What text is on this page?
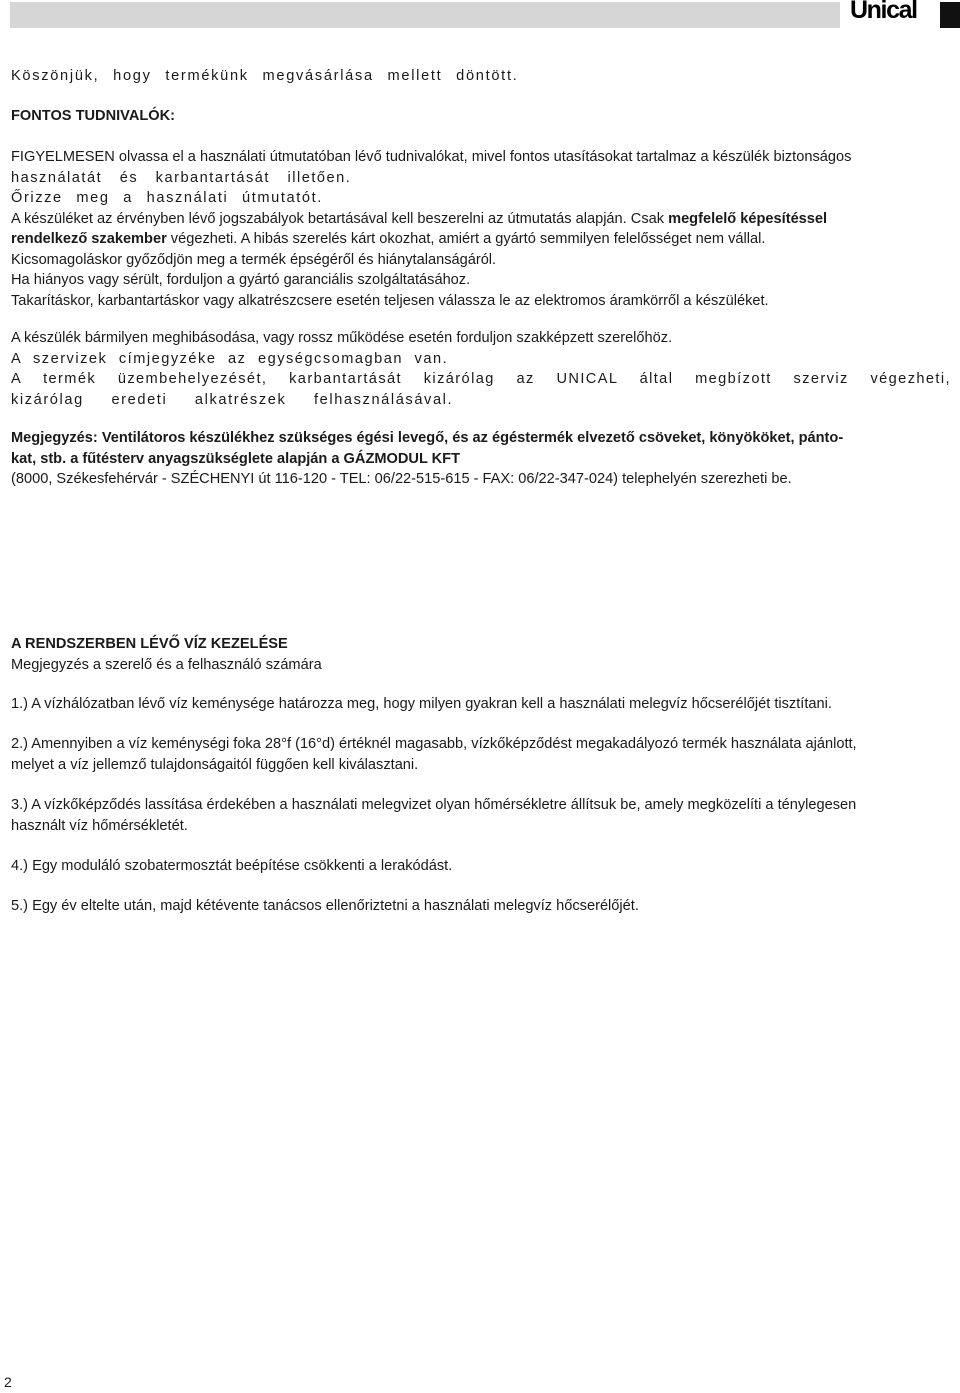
Unical

Köszönjük, hogy termékünk megvásárlása mellett döntött.

FONTOS TUDNIVALÓK:

FIGYELMESEN olvassa el a használati útmutatóban lévő tudnivalókat, mivel fontos utasításokat tartalmaz a készülék biztonságos

használatát és karbantartását illetően.

Őrizze meg a használati útmutatót.

A készüléket az érvényben lévő jogszabályok betartásával kell beszerelni az útmutatás alapján. Csak megfelelő képesítéssel

rendelkező szakember végezheti. A hibás szerelés kárt okozhat, amiért a gyártó semmilyen felelősséget nem vállal.

Kicsomagoláskor győződjön meg a termék épségéről és hiánytalanságáról.

Ha hiányos vagy sérült, forduljon a gyártó garanciális szolgáltatásához.

Takarításkor, karbantartáskor vagy alkatrészcsere esetén teljesen válassza le az elektromos áramkörről a készüléket.

A készülék bármilyen meghibásodása, vagy rossz működése esetén forduljon szakképzett szerelőhöz.

A szervizek címjegyzéke az egységcsomagban van.

A termék üzembehelyezését, karbantartását kizárólag az UNICAL által megbízott szerviz végezheti,

kizárólag eredeti alkatrészek felhasználásával.

Megjegyzés: Ventilátoros készülékhez szükséges égési levegő, és az égéstermék elvezető csöveket, könyököket, pánto-

kat, stb. a fűtésterv anyagszükséglete alapján a GÁZMODUL KFT

(8000, Székesfehérvár - SZÉCHENYI út 116-120 - TEL: 06/22-515-615 - FAX: 06/22-347-024) telephelyén szerezheti be.

A RENDSZERBEN LÉVŐ VÍZ KEZELÉSE

Megjegyzés a szerelő és a felhasználó számára

1.) A vízhálózatban lévő víz keménysége határozza meg, hogy milyen gyakran kell a használati melegvíz hőcserélőjét tisztítani.

2.) Amennyiben a víz keménységi foka 28°f (16°d) értéknél magasabb, vízkőképződést megakadályozó termék használata ajánlott,

melyet a víz jellemző tulajdonságaitól függően kell kiválasztani.

3.) A vízkőképződés lassítása érdekében a használati melegvizet olyan hőmérsékletre állítsuk be, amely megközelíti a ténylegesen

használt víz hőmérsékletét.

4.) Egy moduláló szobatermosztát beépítése csökkenti a lerakódást.

5.) Egy év eltelte után, majd kétévente tanácsos ellenőriztetni a használati melegvíz hőcserélőjét.

2
